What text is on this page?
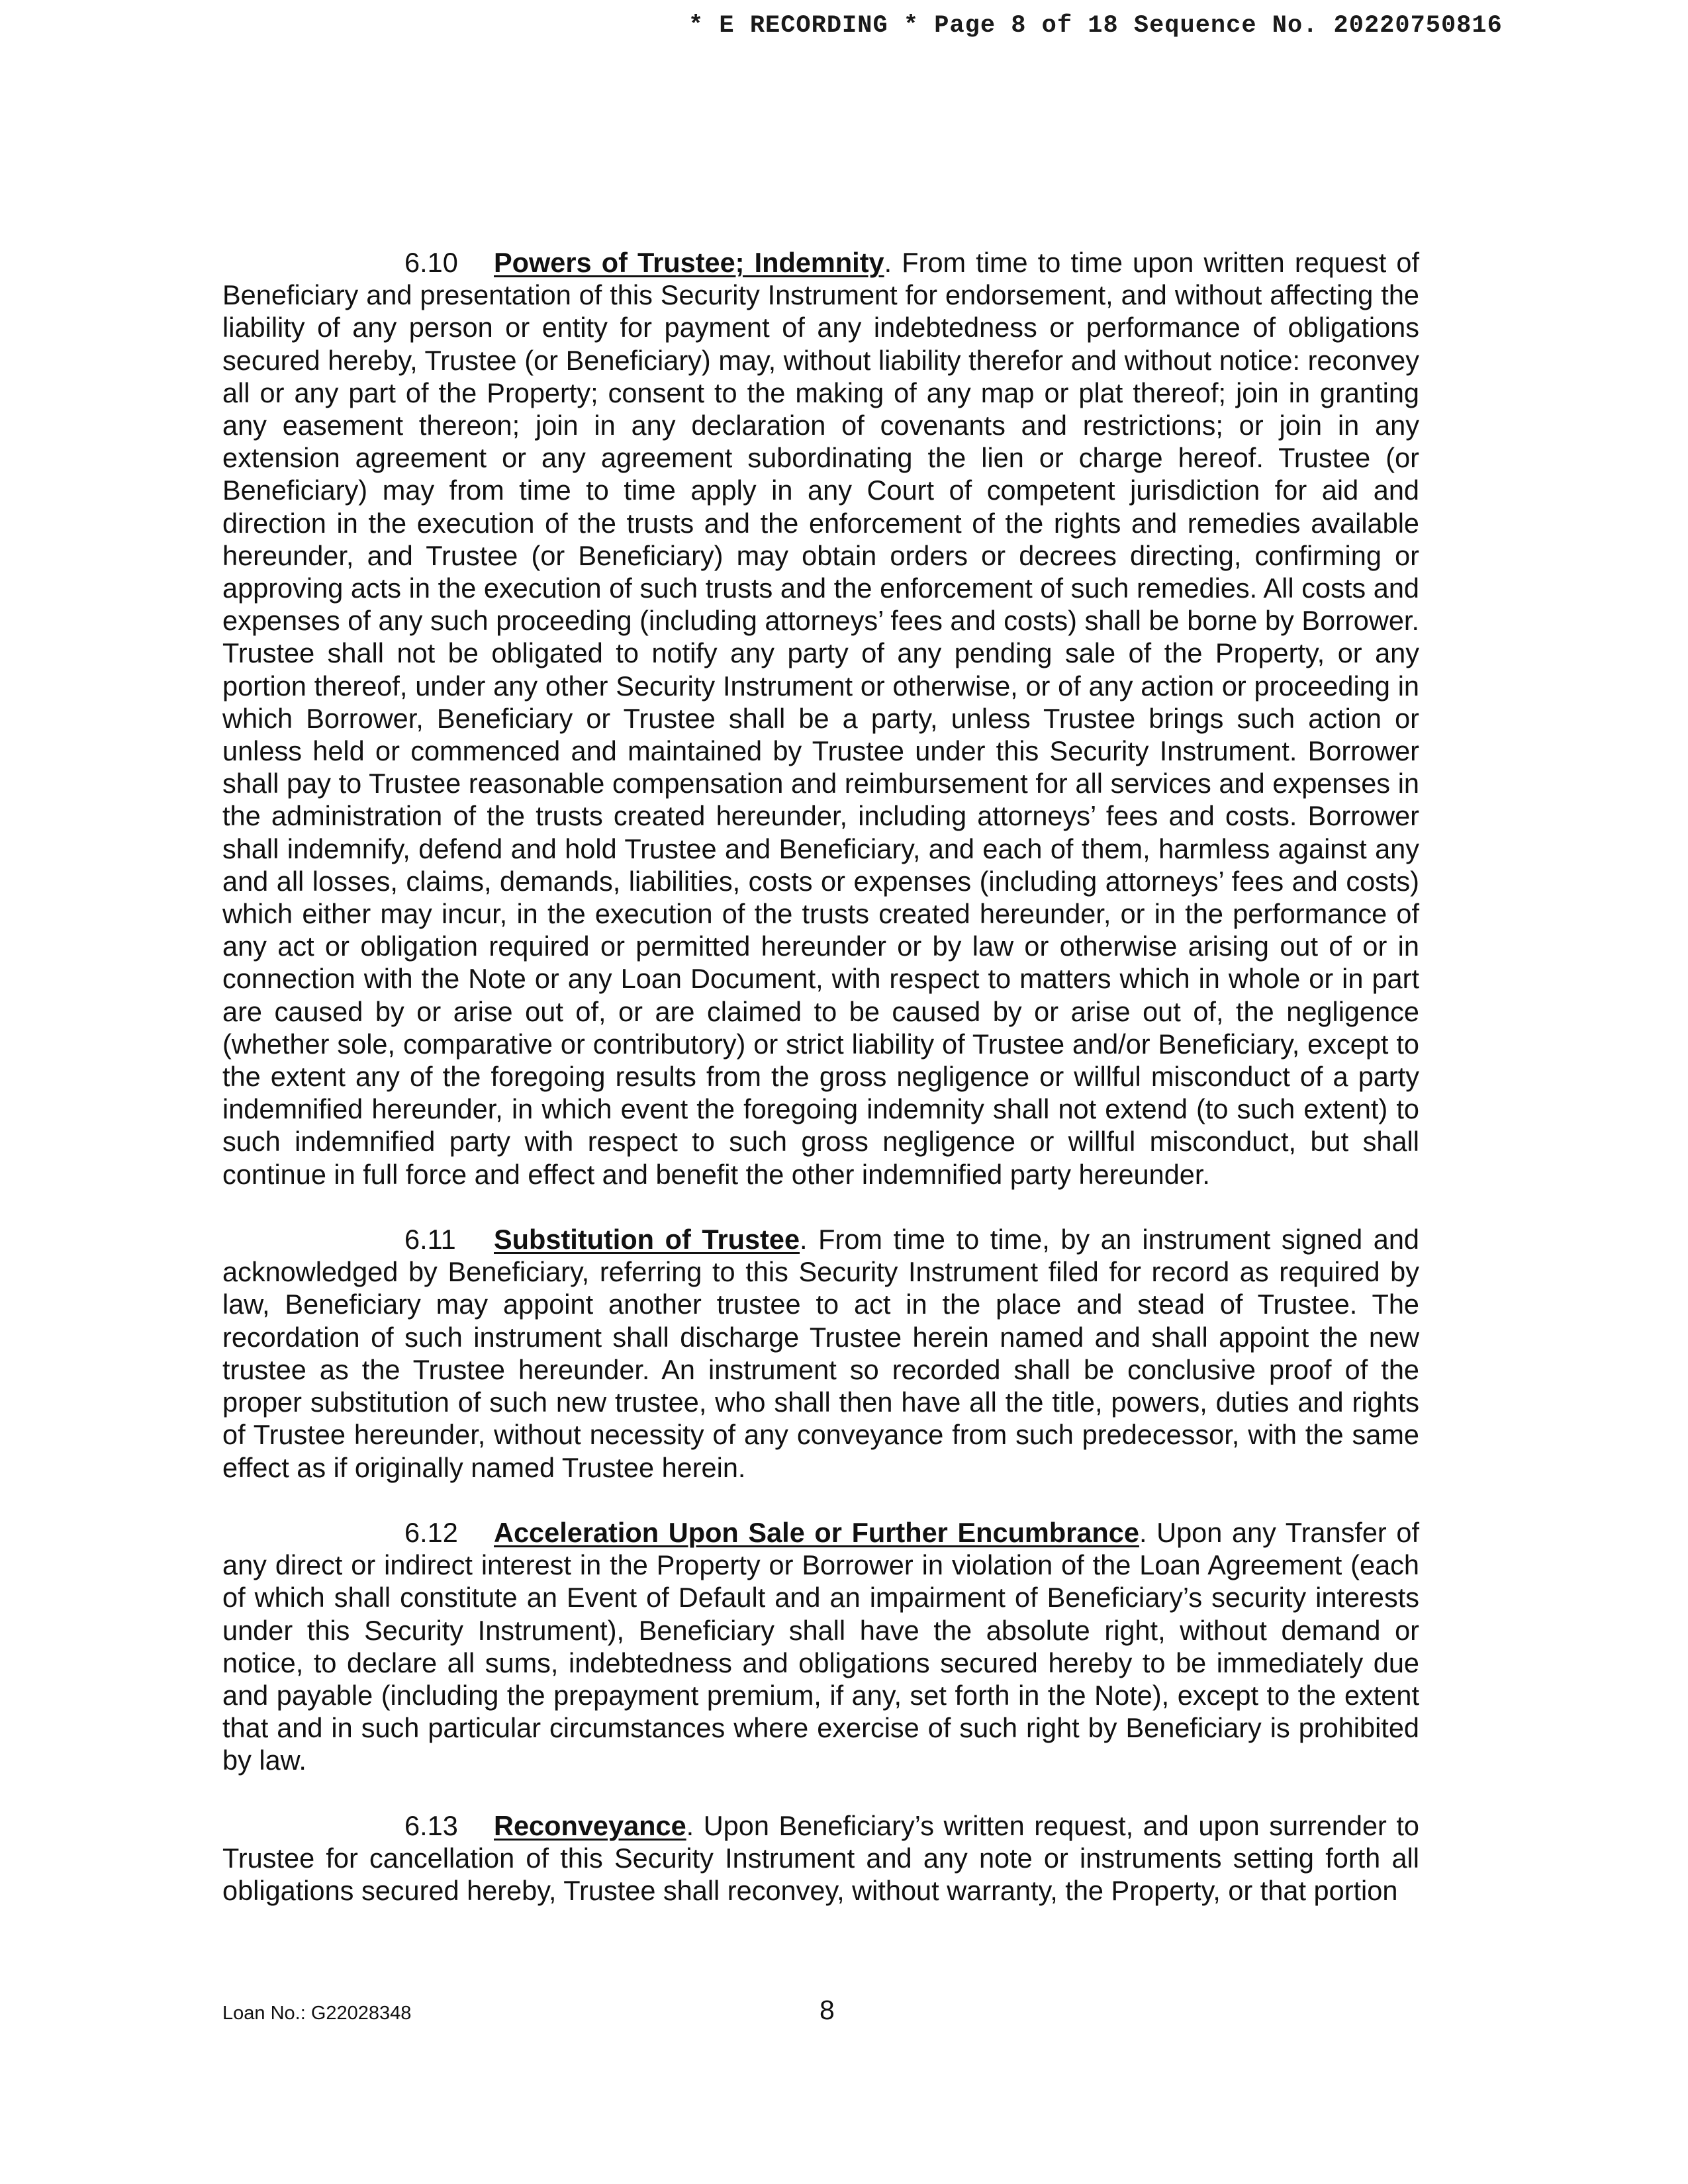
* E RECORDING * Page 8 of 18 Sequence No. 20220750816

6.10 Powers of Trustee; Indemnity. From time to time upon written request of Beneficiary and presentation of this Security Instrument for endorsement, and without affecting the liability of any person or entity for payment of any indebtedness or performance of obligations secured hereby, Trustee (or Beneficiary) may, without liability therefor and without notice: reconvey all or any part of the Property; consent to the making of any map or plat thereof; join in granting any easement thereon; join in any declaration of covenants and restrictions; or join in any extension agreement or any agreement subordinating the lien or charge hereof. Trustee (or Beneficiary) may from time to time apply in any Court of competent jurisdiction for aid and direction in the execution of the trusts and the enforcement of the rights and remedies available hereunder, and Trustee (or Beneficiary) may obtain orders or decrees directing, confirming or approving acts in the execution of such trusts and the enforcement of such remedies. All costs and expenses of any such proceeding (including attorneys’ fees and costs) shall be borne by Borrower. Trustee shall not be obligated to notify any party of any pending sale of the Property, or any portion thereof, under any other Security Instrument or otherwise, or of any action or proceeding in which Borrower, Beneficiary or Trustee shall be a party, unless Trustee brings such action or unless held or commenced and maintained by Trustee under this Security Instrument. Borrower shall pay to Trustee reasonable compensation and reimbursement for all services and expenses in the administration of the trusts created hereunder, including attorneys’ fees and costs. Borrower shall indemnify, defend and hold Trustee and Beneficiary, and each of them, harmless against any and all losses, claims, demands, liabilities, costs or expenses (including attorneys’ fees and costs) which either may incur, in the execution of the trusts created hereunder, or in the performance of any act or obligation required or permitted hereunder or by law or otherwise arising out of or in connection with the Note or any Loan Document, with respect to matters which in whole or in part are caused by or arise out of, or are claimed to be caused by or arise out of, the negligence (whether sole, comparative or contributory) or strict liability of Trustee and/or Beneficiary, except to the extent any of the foregoing results from the gross negligence or willful misconduct of a party indemnified hereunder, in which event the foregoing indemnity shall not extend (to such extent) to such indemnified party with respect to such gross negligence or willful misconduct, but shall continue in full force and effect and benefit the other indemnified party hereunder.

6.11 Substitution of Trustee. From time to time, by an instrument signed and acknowledged by Beneficiary, referring to this Security Instrument filed for record as required by law, Beneficiary may appoint another trustee to act in the place and stead of Trustee. The recordation of such instrument shall discharge Trustee herein named and shall appoint the new trustee as the Trustee hereunder. An instrument so recorded shall be conclusive proof of the proper substitution of such new trustee, who shall then have all the title, powers, duties and rights of Trustee hereunder, without necessity of any conveyance from such predecessor, with the same effect as if originally named Trustee herein.

6.12 Acceleration Upon Sale or Further Encumbrance. Upon any Transfer of any direct or indirect interest in the Property or Borrower in violation of the Loan Agreement (each of which shall constitute an Event of Default and an impairment of Beneficiary’s security interests under this Security Instrument), Beneficiary shall have the absolute right, without demand or notice, to declare all sums, indebtedness and obligations secured hereby to be immediately due and payable (including the prepayment premium, if any, set forth in the Note), except to the extent that and in such particular circumstances where exercise of such right by Beneficiary is prohibited by law.

6.13 Reconveyance. Upon Beneficiary’s written request, and upon surrender to Trustee for cancellation of this Security Instrument and any note or instruments setting forth all obligations secured hereby, Trustee shall reconvey, without warranty, the Property, or that portion

Loan No.: G22028348	8
